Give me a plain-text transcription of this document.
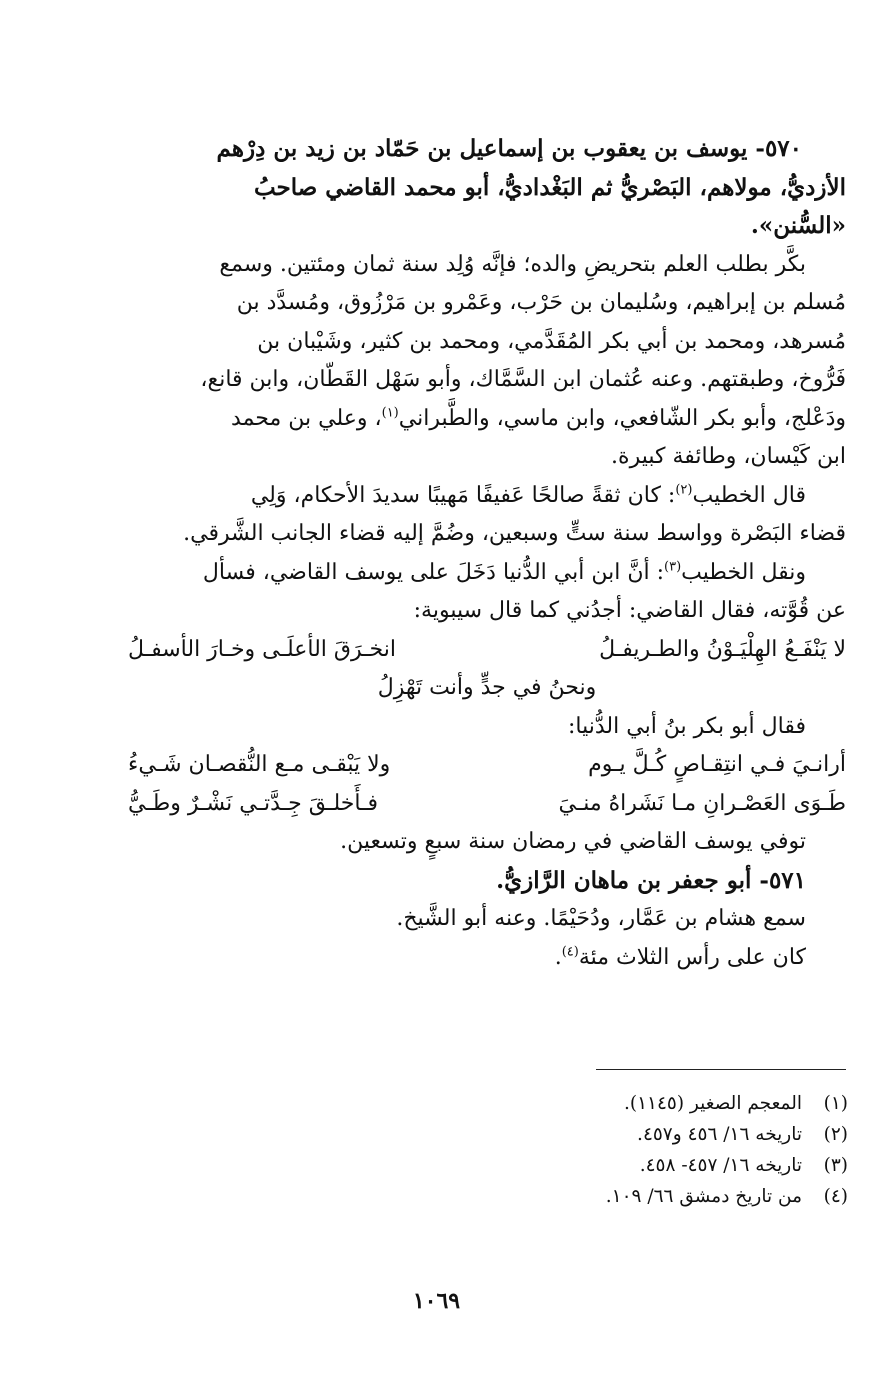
٥٧٠- يوسف بن يعقوب بن إسماعيل بن حَمّاد بن زيد بن دِرْهم

الأزديُّ، مولاهم، البَصْريُّ ثم البَغْداديُّ، أبو محمد القاضي صاحبُ

«السُّنن».

بكَّر بطلب العلم بتحريضِ والده؛ فإنَّه وُلِد سنة ثمان ومئتين. وسمع

مُسلم بن إبراهيم، وسُليمان بن حَرْب، وعَمْرو بن مَرْزُوق، ومُسدَّد بن

مُسرهد، ومحمد بن أبي بكر المُقَدَّمي، ومحمد بن كثير، وشَيْبان بن

فَرُّوخ، وطبقتهم. وعنه عُثمان ابن السَّمَّاك، وأبو سَهْل القَطّان، وابن قانع،

ودَعْلج، وأبو بكر الشّافعي، وابن ماسي، والطَّبراني$^{(١)}$، وعلي بن محمد

ابن كَيْسان، وطائفة كبيرة.

قال الخطيب$^{(٢)}$: كان ثقةً صالحًا عَفيفًا مَهيبًا سديدَ الأحكام، وَلِي

قضاء البَصْرة وواسط سنة ستٍّ وسبعين، وضُمَّ إليه قضاء الجانب الشَّرقي.

ونقل الخطيب$^{(٣)}$: أنَّ ابن أبي الدُّنيا دَخَلَ على يوسف القاضي، فسأل

عن قُوَّته، فقال القاضي: أجدُني كما قال سيبوية:

لا يَنْفَـعُ الهِلْيَـوْنُ والطـريفـلُ
انخـرَقَ الأعلَـى وخـارَ الأسفـلُ
ونحنُ في جدٍّ وأنت تَهْزِلُ

فقال أبو بكر بنُ أبي الدُّنيا:

أرانـيَ فـي انتِقـاصٍ كُـلَّ يـوم
ولا يَبْقـى مـع النُّقصـان شَـيءُ
طَـوَى العَصْـرانِ مـا نَشَراهُ منـيَ
فـأَخلـقَ جِـدَّتـي نَشْـرٌ وطَـيُّ

توفي يوسف القاضي في رمضان سنة سبعٍ وتسعين.

٥٧١- أبو جعفر بن ماهان الرَّازيُّ.

سمع هشام بن عَمَّار، ودُحَيْمًا. وعنه أبو الشَّيخ.

كان على رأس الثلاث مئة$^{(٤)}$.

(١)
المعجم الصغير (١١٤٥).
(٢)
تاريخه ١٦/ ٤٥٦ و٤٥٧.
(٣)
تاريخه ١٦/ ٤٥٧- ٤٥٨.
(٤)
من تاريخ دمشق ٦٦/ ١٠٩.
١٠٦٩
